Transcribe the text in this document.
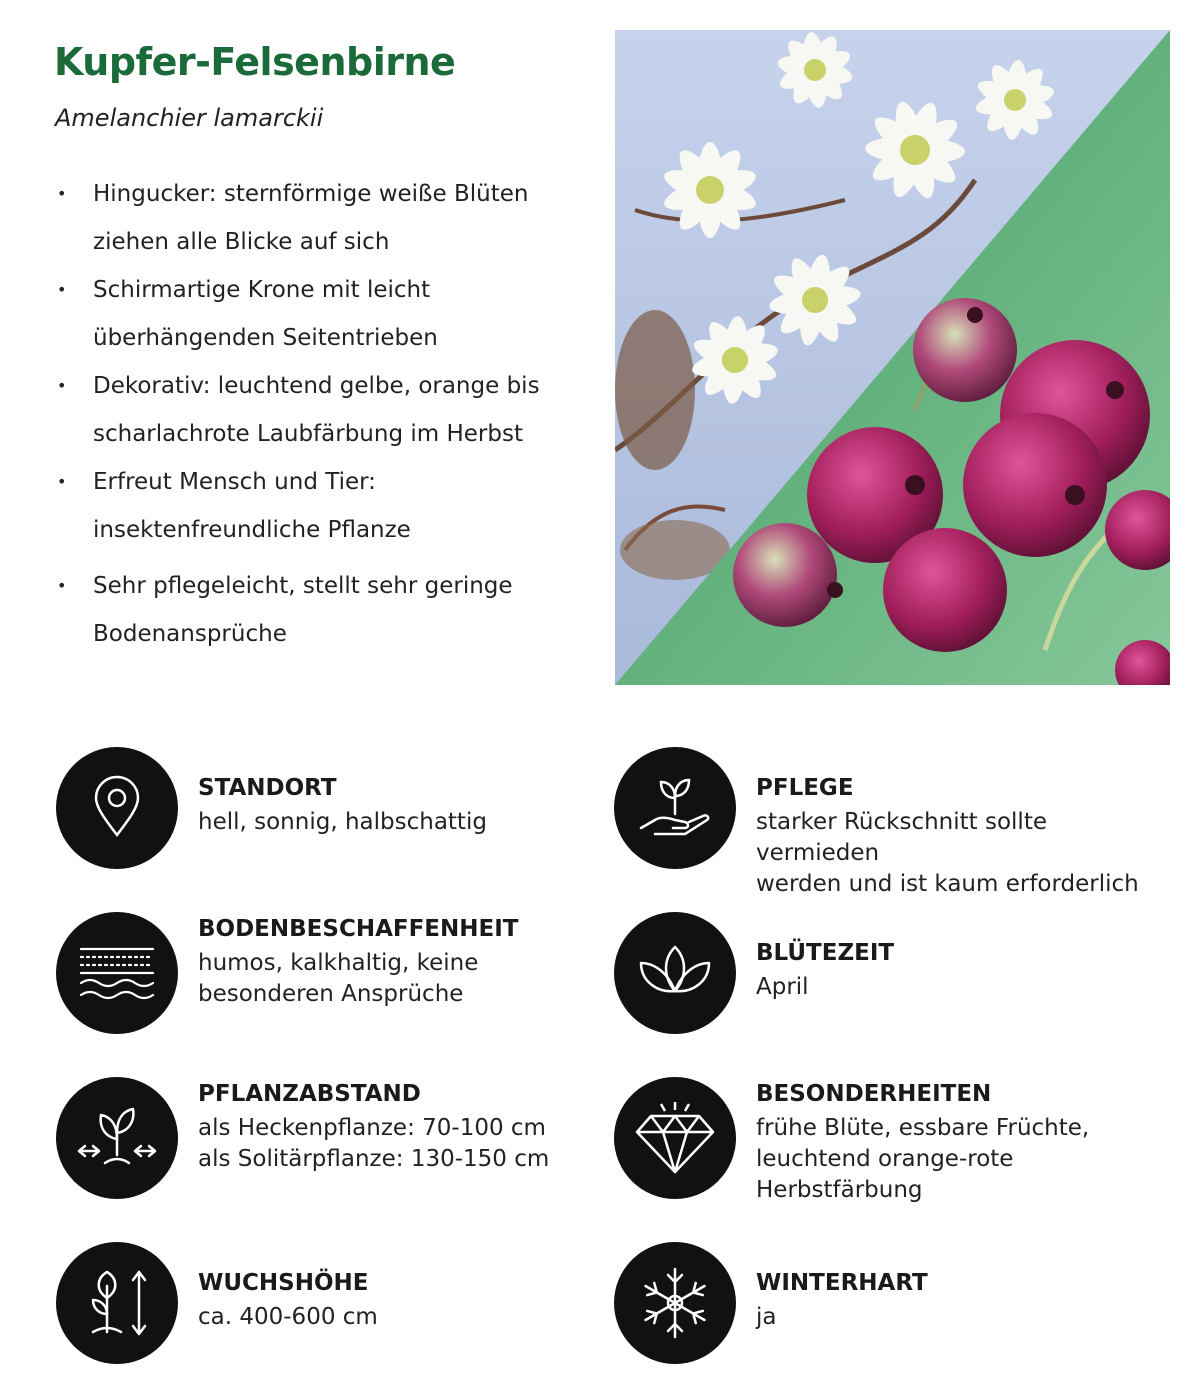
Kupfer-Felsenbirne
Amelanchier lamarckii
• Hingucker: sternförmige weiße Blüten ziehen alle Blicke auf sich
• Schirmartige Krone mit leicht überhängenden Seitentrieben
• Dekorativ: leuchtend gelbe, orange bis scharlachrote Laubfärbung im Herbst
• Erfreut Mensch und Tier: insektenfreundliche Pflanze
• Sehr pflegeleicht, stellt sehr geringe Bodenansprüche
STANDORT
hell, sonnig, halbschattig
PFLEGE
starker Rückschnitt sollte vermieden
werden und ist kaum erforderlich
BODENBESCHAFFENHEIT
humos, kalkhaltig, keine
besonderen Ansprüche
BLÜTEZEIT
April
PFLANZABSTAND
als Heckenpflanze: 70-100 cm
als Solitärpflanze: 130-150 cm
BESONDERHEITEN
frühe Blüte, essbare Früchte,
leuchtend orange-rote
Herbstfärbung
WUCHSHÖHE
ca. 400-600 cm
WINTERHART
ja
